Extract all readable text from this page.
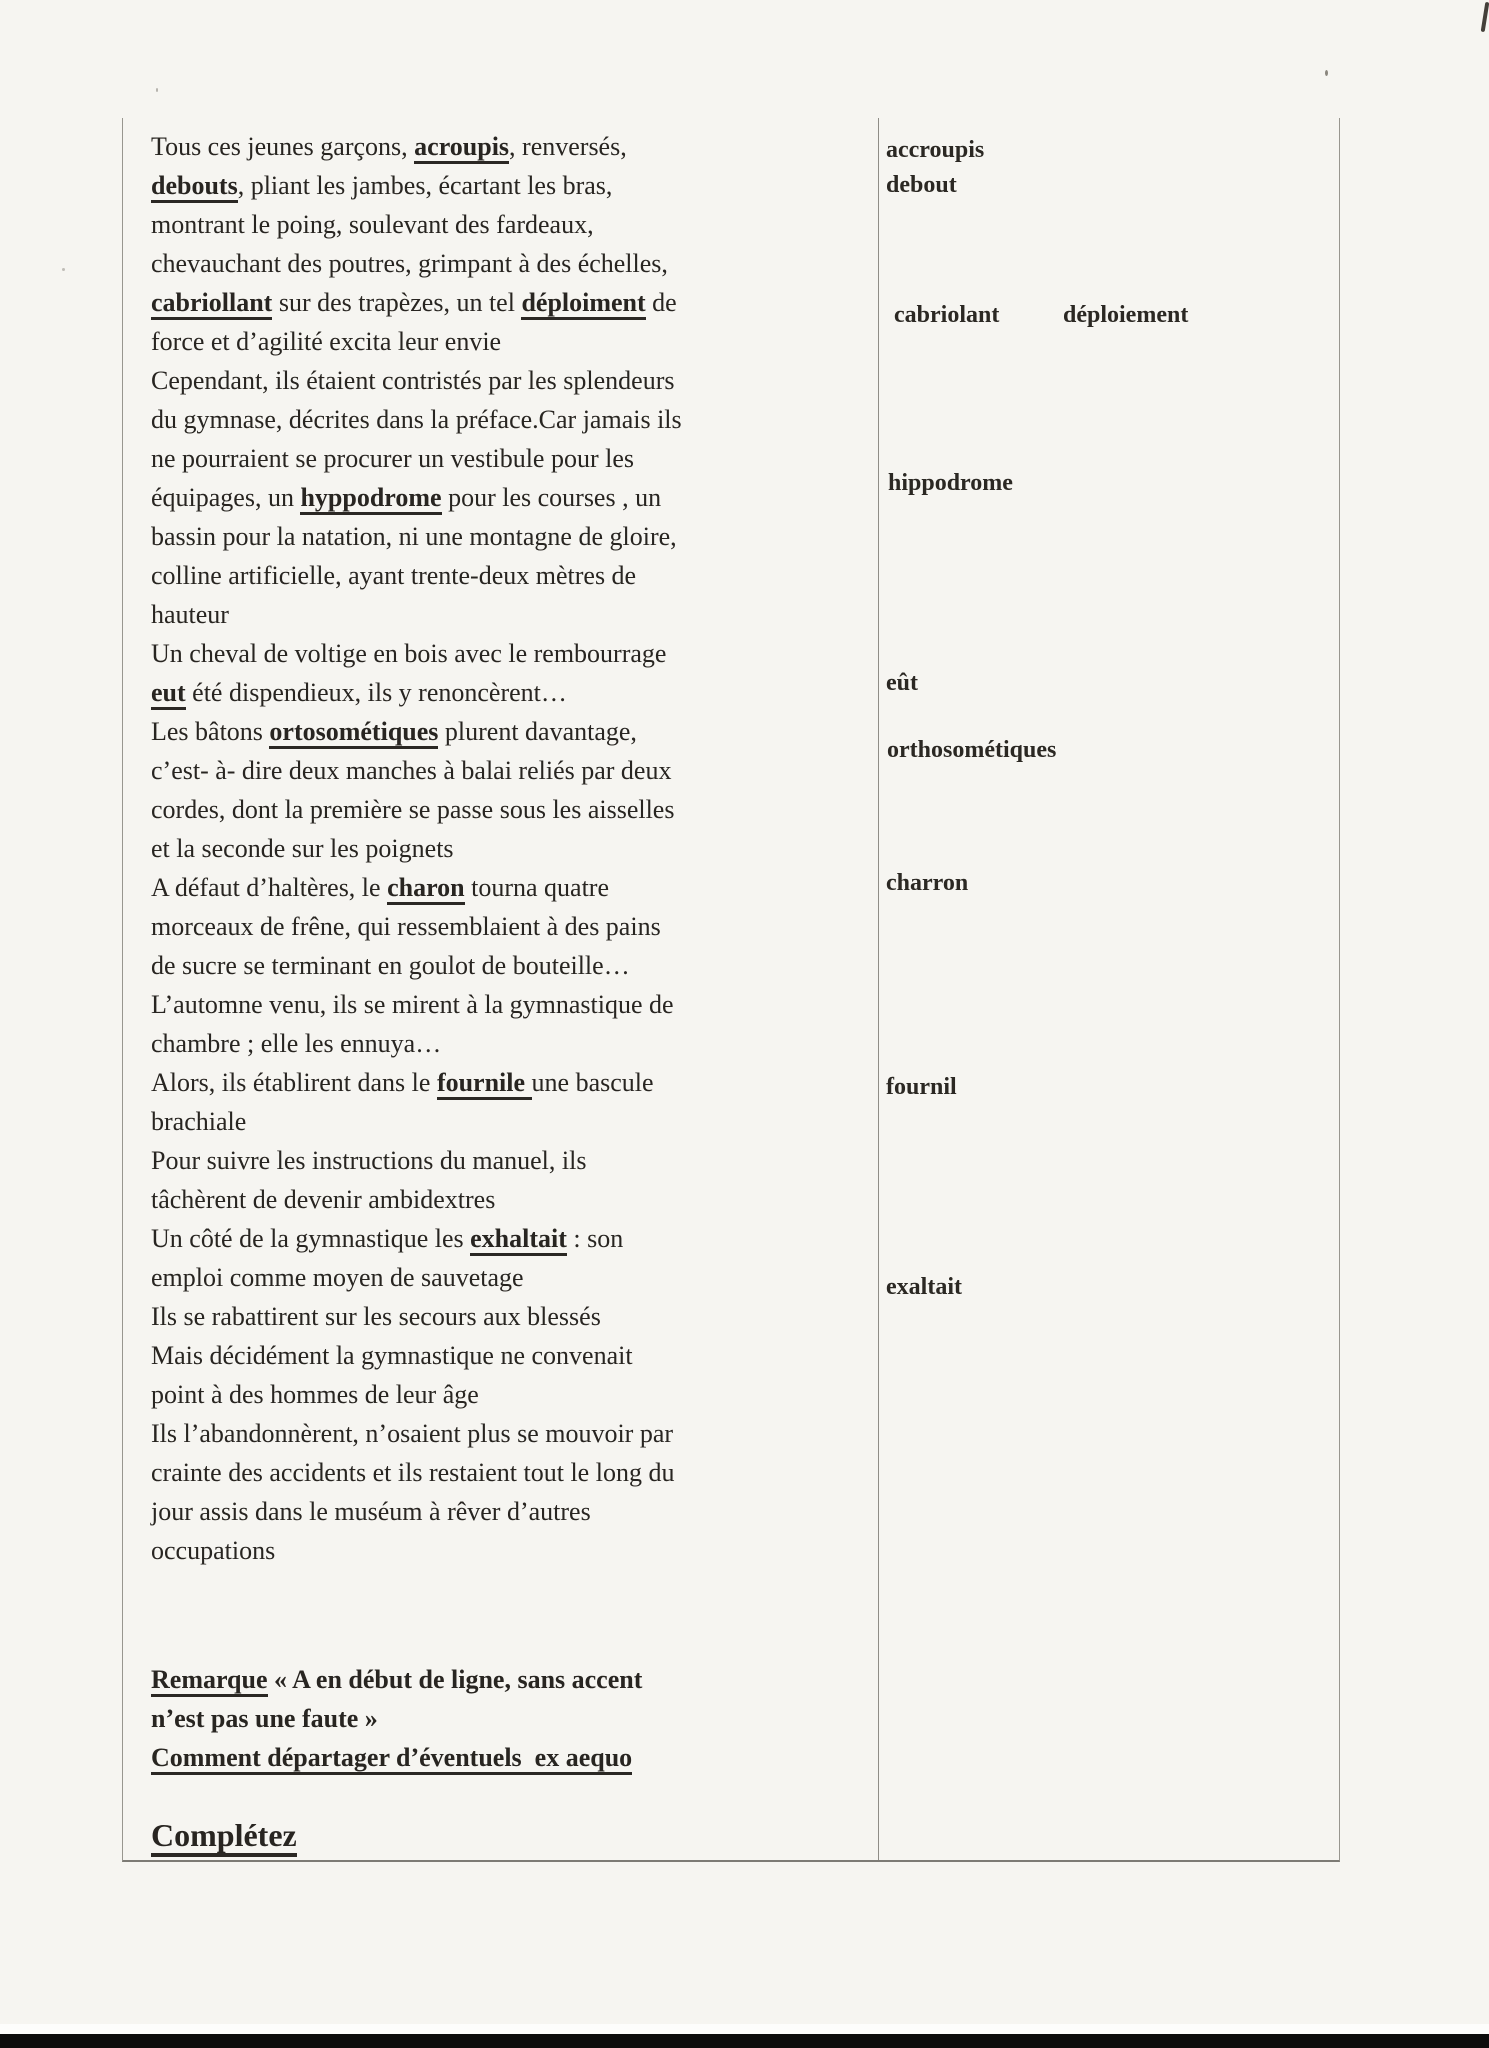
Tous ces jeunes garçons, acroupis, renversés,
debouts, pliant les jambes, écartant les bras,
montrant le poing, soulevant des fardeaux,
chevauchant des poutres, grimpant à des échelles,
cabriollant sur des trapèzes, un tel déploiment de
force et d’agilité excita leur envie
Cependant, ils étaient contristés par les splendeurs
du gymnase, décrites dans la préface.Car jamais ils
ne pourraient se procurer un vestibule pour les
équipages, un hyppodrome pour les courses , un
bassin pour la natation, ni une montagne de gloire,
colline artificielle, ayant trente-deux mètres de
hauteur
Un cheval de voltige en bois avec le rembourrage
eut été dispendieux, ils y renoncèrent…
Les bâtons ortosométiques plurent davantage,
c’est- à- dire deux manches à balai reliés par deux
cordes, dont la première se passe sous les aisselles
et la seconde sur les poignets
A défaut d’haltères, le charon tourna quatre
morceaux de frêne, qui ressemblaient à des pains
de sucre se terminant en goulot de bouteille…
L’automne venu, ils se mirent à la gymnastique de
chambre ; elle les ennuya…
Alors, ils établirent dans le fournile une bascule
brachiale
Pour suivre les instructions du manuel, ils
tâchèrent de devenir ambidextres
Un côté de la gymnastique les exhaltait : son
emploi comme moyen de sauvetage
Ils se rabattirent sur les secours aux blessés
Mais décidément la gymnastique ne convenait
point à des hommes de leur âge
Ils l’abandonnèrent, n’osaient plus se mouvoir par
crainte des accidents et ils restaient tout le long du
jour assis dans le muséum à rêver d’autres
occupations
Remarque « A en début de ligne, sans accent
n’est pas une faute »
Comment départager d’éventuels  ex aequo
Complétez
accroupis
debout
cabriolant	déploiement
hippodrome
eût
orthosométiques
charron
fournil
exaltait
